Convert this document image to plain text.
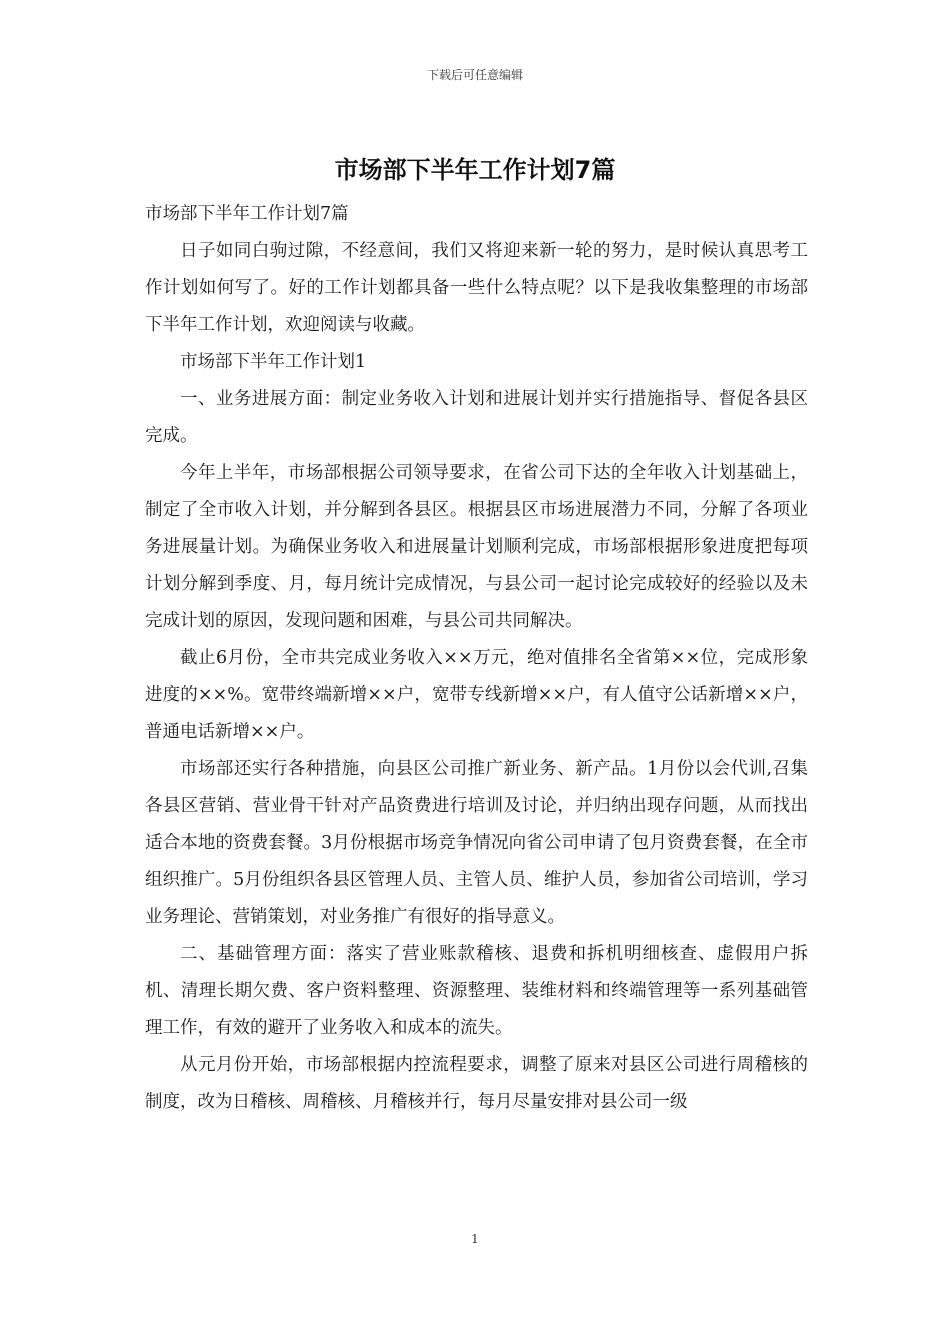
下载后可任意编辑
市场部下半年工作计划7篇

市场部下半年工作计划7篇

日子如同白驹过隙，不经意间，我们又将迎来新一轮的努力，是时候认真思考工作计划如何写了。好的工作计划都具备一些什么特点呢？以下是我收集整理的市场部下半年工作计划，欢迎阅读与收藏。

市场部下半年工作计划1

一、业务进展方面：制定业务收入计划和进展计划并实行措施指导、督促各县区完成。

今年上半年，市场部根据公司领导要求，在省公司下达的全年收入计划基础上，制定了全市收入计划，并分解到各县区。根据县区市场进展潜力不同，分解了各项业务进展量计划。为确保业务收入和进展量计划顺利完成，市场部根据形象进度把每项计划分解到季度、月，每月统计完成情况，与县公司一起讨论完成较好的经验以及未完成计划的原因，发现问题和困难，与县公司共同解决。

截止6月份，全市共完成业务收入××万元，绝对值排名全省第××位，完成形象进度的××%。宽带终端新增××户，宽带专线新增××户，有人值守公话新增××户，普通电话新增××户。

市场部还实行各种措施，向县区公司推广新业务、新产品。1月份以会代训,召集各县区营销、营业骨干针对产品资费进行培训及讨论，并归纳出现存问题，从而找出适合本地的资费套餐。3月份根据市场竞争情况向省公司申请了包月资费套餐，在全市组织推广。5月份组织各县区管理人员、主管人员、维护人员，参加省公司培训，学习业务理论、营销策划，对业务推广有很好的指导意义。

二、基础管理方面：落实了营业账款稽核、退费和拆机明细核查、虚假用户拆机、清理长期欠费、客户资料整理、资源整理、装维材料和终端管理等一系列基础管理工作，有效的避开了业务收入和成本的流失。

从元月份开始，市场部根据内控流程要求，调整了原来对县区公司进行周稽核的制度，改为日稽核、周稽核、月稽核并行，每月尽量安排对县公司一级

1
